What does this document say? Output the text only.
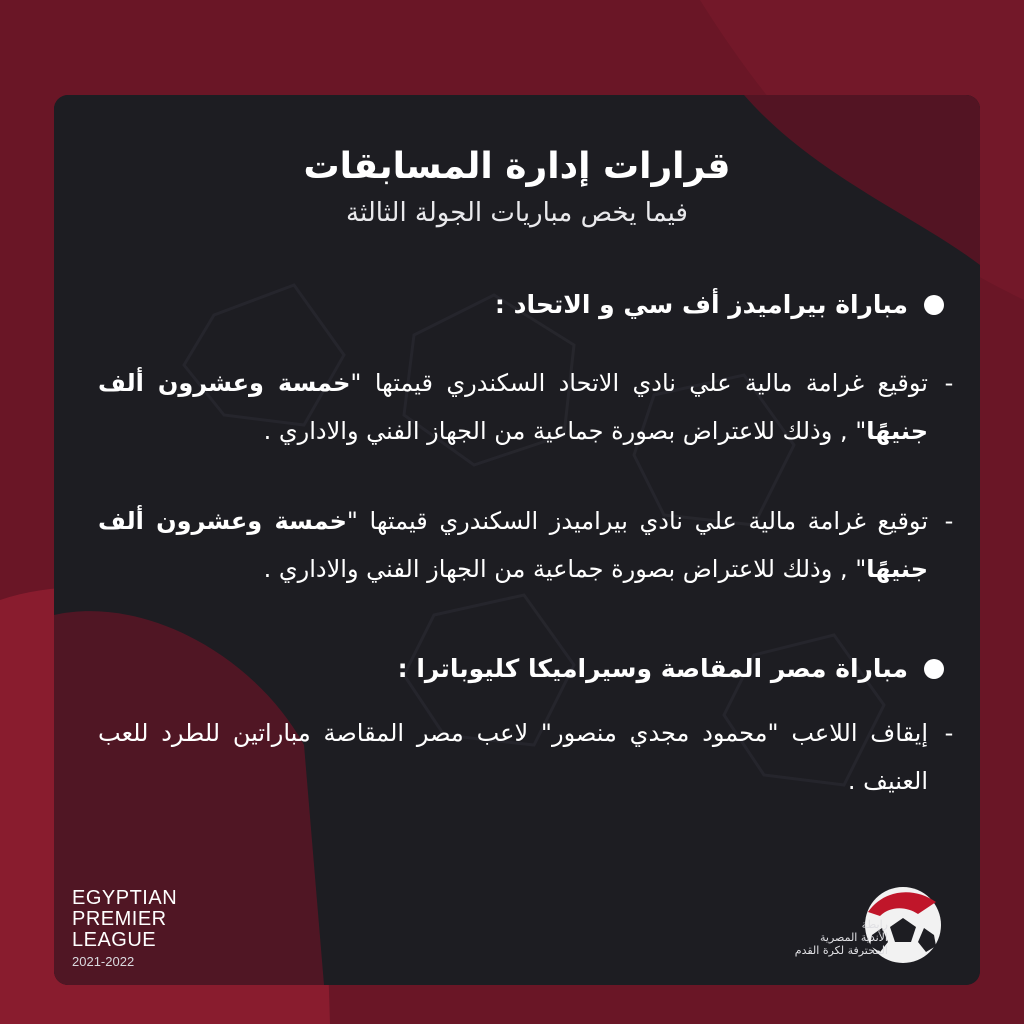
قرارات إدارة المسابقات
فيما يخص مباريات الجولة الثالثة
مباراة بيراميدز أف سي و الاتحاد :
-
توقيع غرامة مالية علي نادي الاتحاد السكندري قيمتها "خمسة وعشرون ألف جنيهًا" , وذلك للاعتراض بصورة جماعية من الجهاز الفني والاداري .
-
توقيع غرامة مالية علي نادي بيراميدز السكندري قيمتها "خمسة وعشرون ألف جنيهًا" , وذلك للاعتراض بصورة جماعية من الجهاز الفني والاداري .
مباراة مصر المقاصة وسيراميكا كليوباترا :
-
إيقاف اللاعب "محمود مجدي منصور" لاعب مصر المقاصة مباراتين للطرد للعب العنيف .
EGYPTIAN
PREMIER
LEAGUE
2021-2022
رابطة
الأندية المصرية
المحترفة لكرة القدم
